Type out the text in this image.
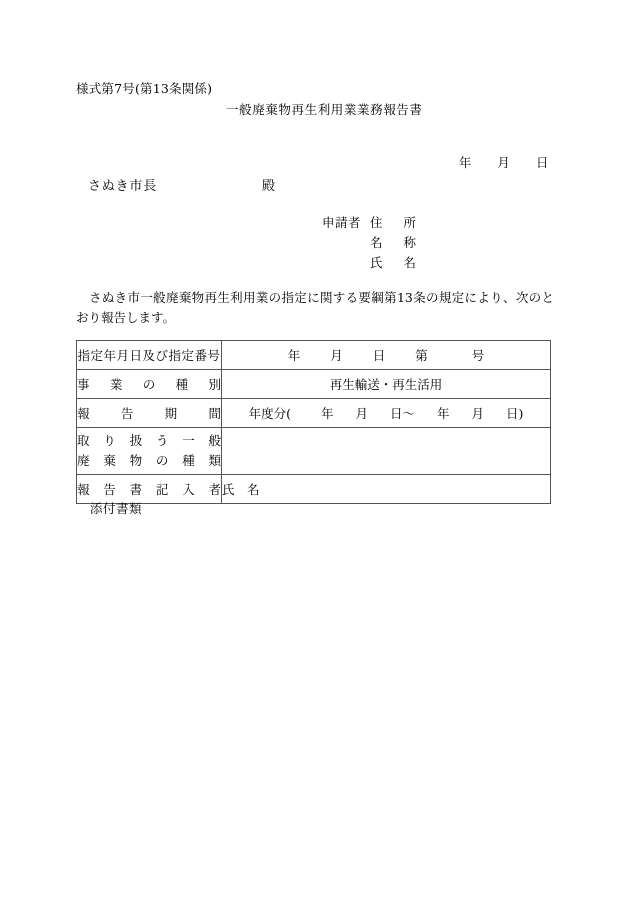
様式第7号(第13条関係)
一般廃棄物再生利用業業務報告書

年 月 日

さぬき市長	殿
申請者 住所
名称
氏名
さぬき市一般廃棄物再生利用業の指定に関する要綱第13条の規定により、次のとおり報告します。
指定年月日及び指定番号	年 月 日 第 号

事業の種別	再生輸送・再生活用

報告期間	年度分( 年 月 日～ 年 月 日)

取り扱う一般
廃棄物の種類	

報告書記入者	氏　名
添付書類
